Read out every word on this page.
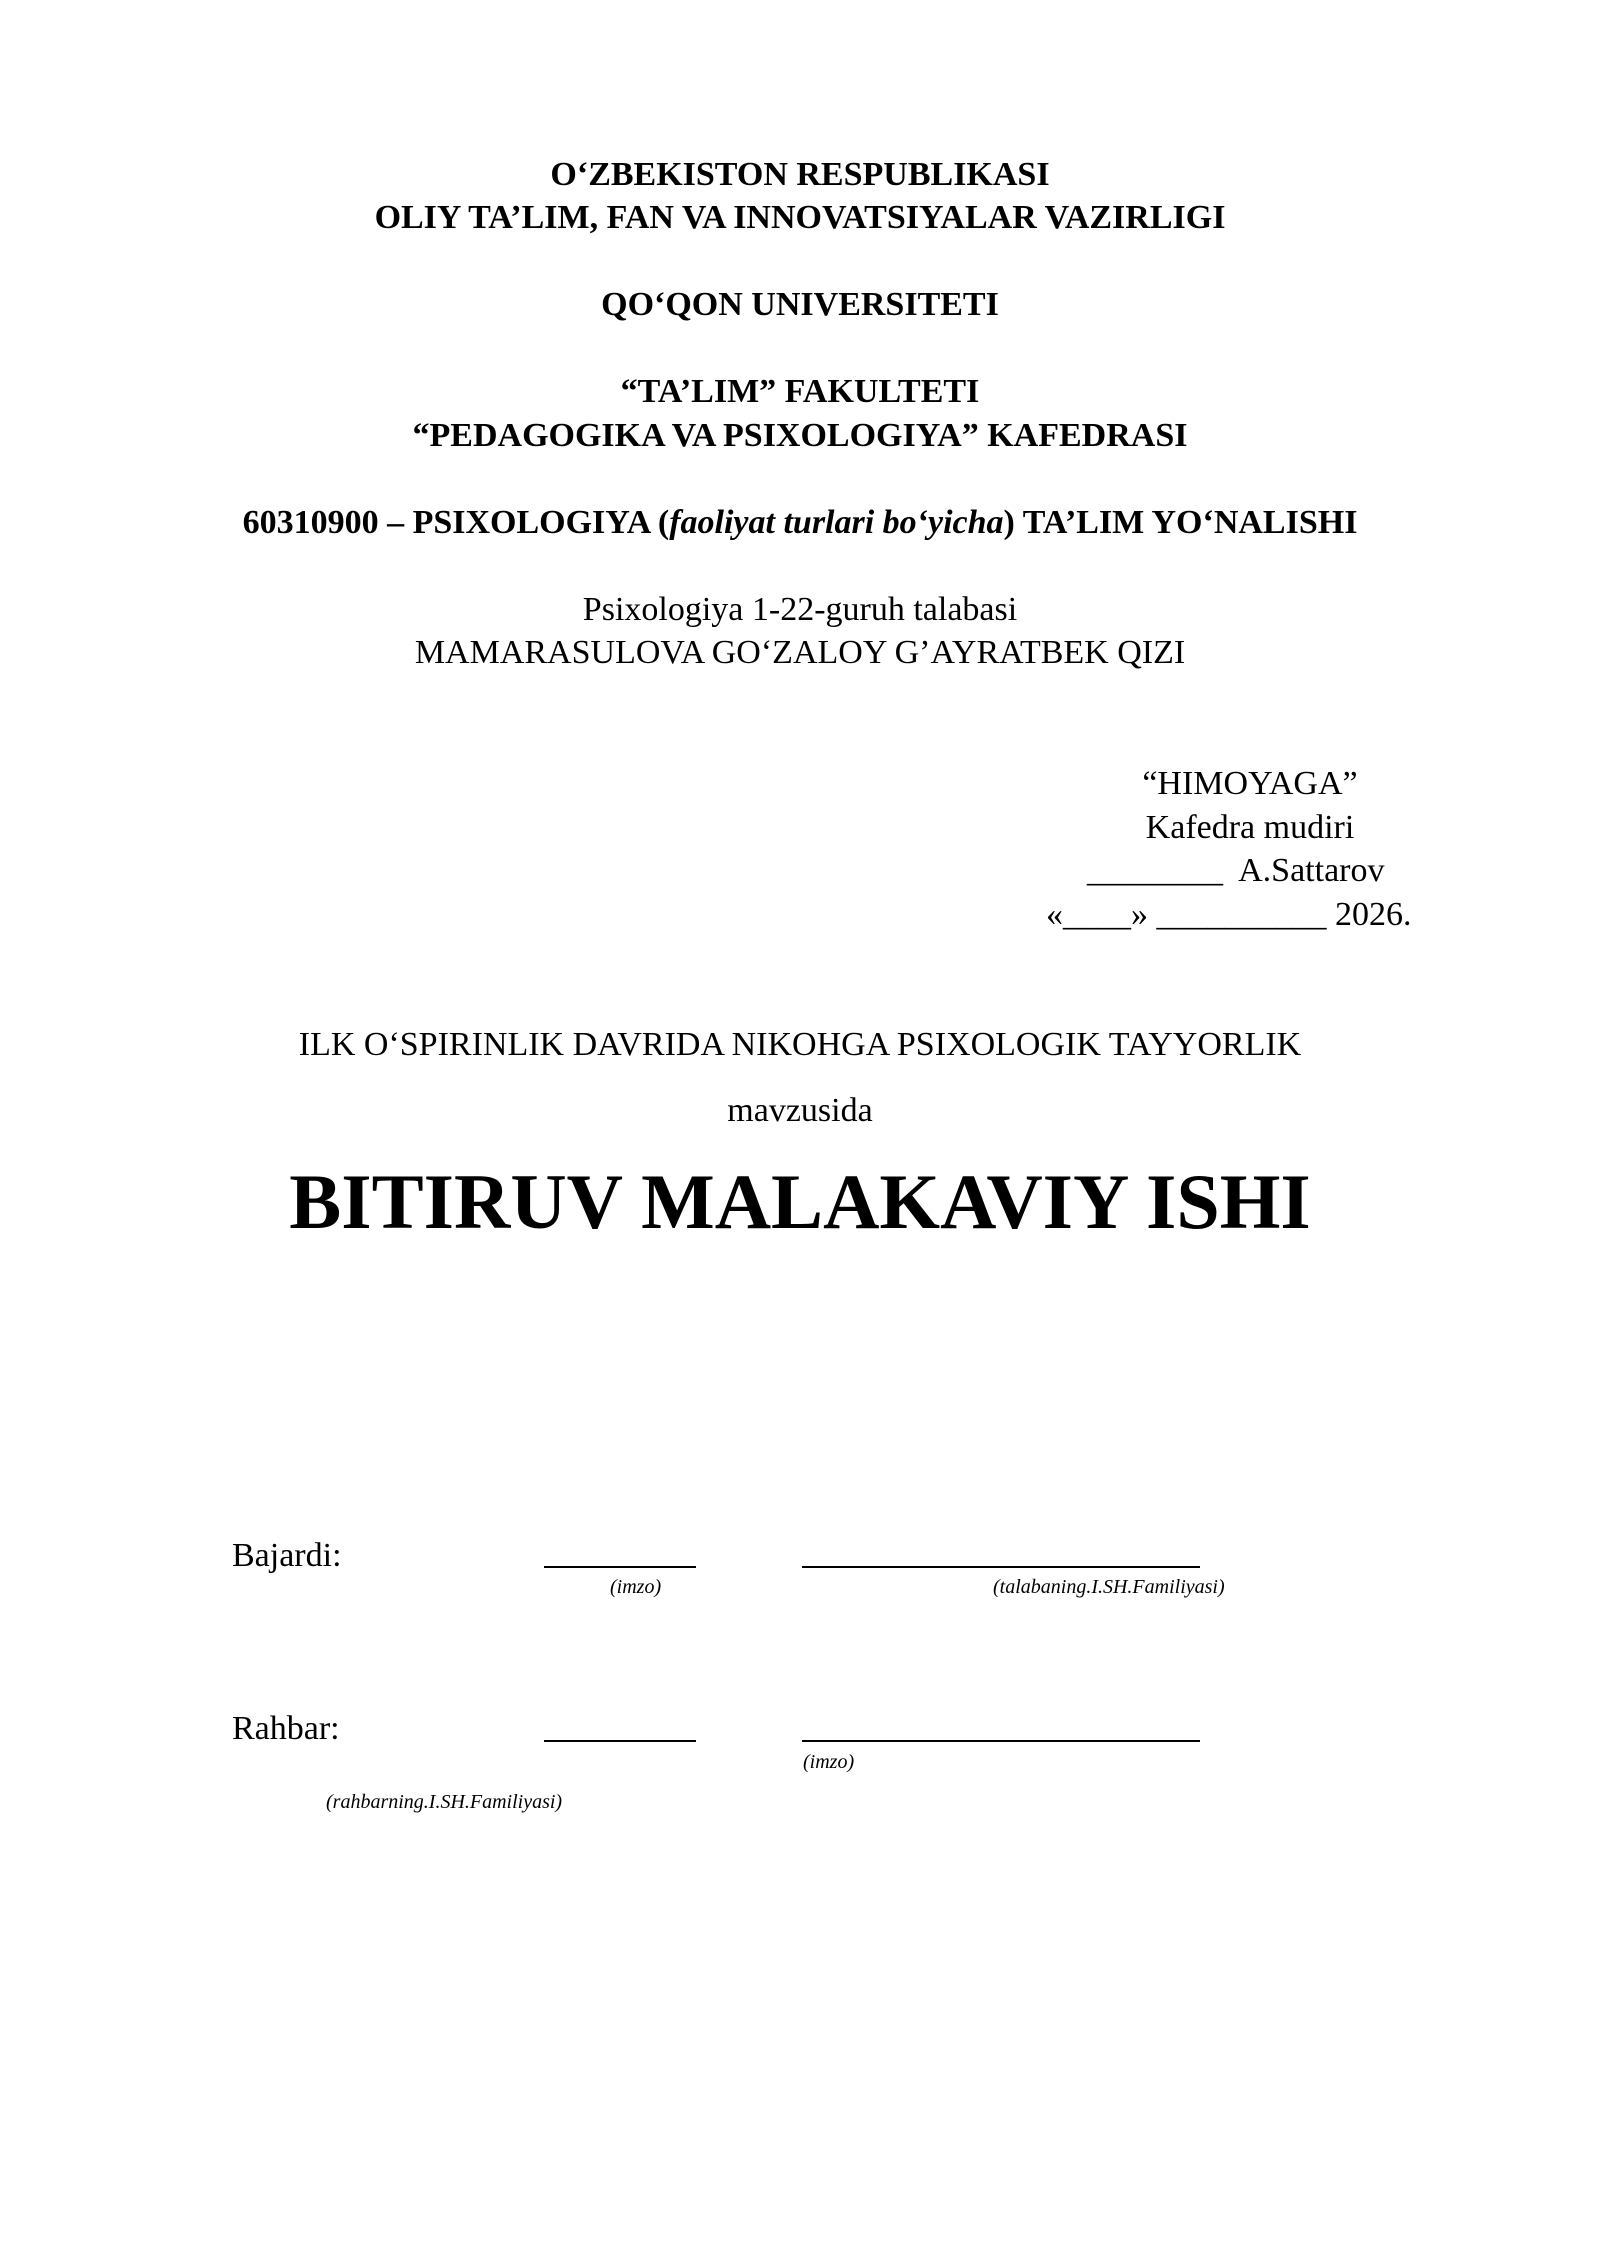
O‘ZBEKISTON RESPUBLIKASI
OLIY TA’LIM, FAN VA INNOVATSIYALAR VAZIRLIGI
QO‘QON UNIVERSITETI
“TA’LIM” FAKULTETI
“PEDAGOGIKA VA PSIXOLOGIYA” KAFEDRASI
60310900 – PSIXOLOGIYA (faoliyat turlari bo‘yicha) TA’LIM YO‘NALISHI
Psixologiya 1-22-guruh talabasi
MAMARASULOVA GO‘ZALOY G’AYRATBEK QIZI
“HIMOYAGA”
Kafedra mudiri
________  A.Sattarov
«____» __________ 2026.
ILK O‘SPIRINLIK DAVRIDA NIKOHGA PSIXOLOGIK TAYYORLIK
mavzusida
BITIRUV MALAKAVIY ISHI
Bajardi:
(imzo)	(talabaning.I.SH.Familiyasi)
Rahbar:
(imzo)
(rahbarning.I.SH.Familiyasi)
